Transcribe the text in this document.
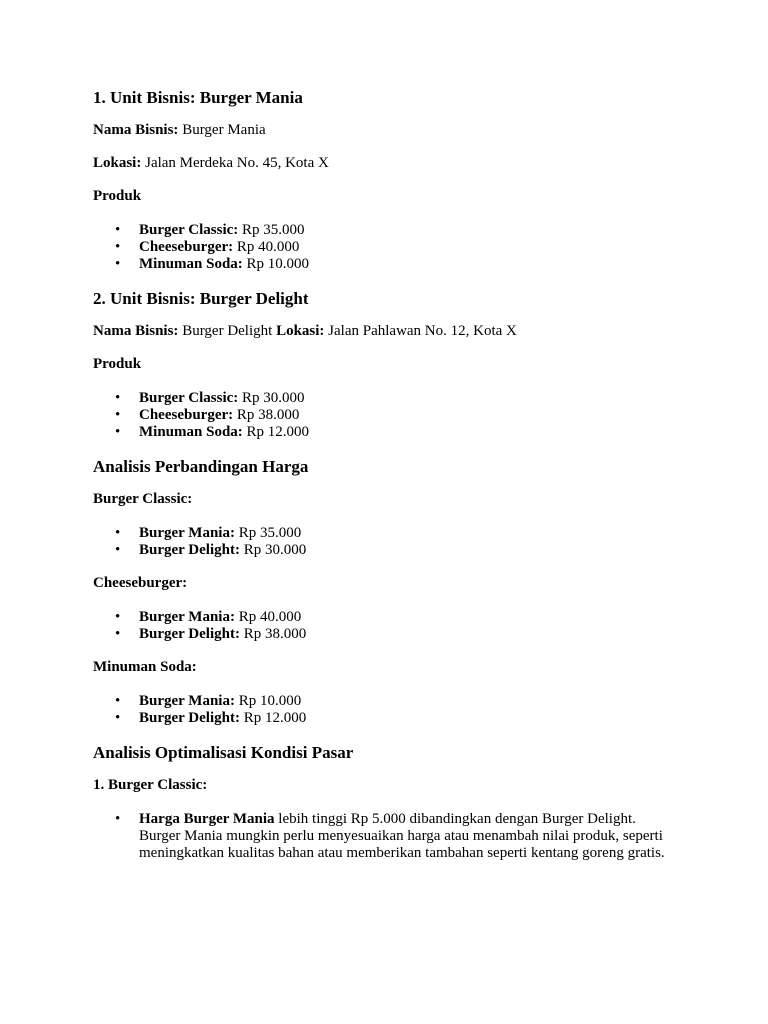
1. Unit Bisnis: Burger Mania

Nama Bisnis: Burger Mania

Lokasi: Jalan Merdeka No. 45, Kota X

Produk
• Burger Classic: Rp 35.000
• Cheeseburger: Rp 40.000
• Minuman Soda: Rp 10.000
2. Unit Bisnis: Burger Delight

Nama Bisnis: Burger Delight Lokasi: Jalan Pahlawan No. 12, Kota X

Produk
• Burger Classic: Rp 30.000
• Cheeseburger: Rp 38.000
• Minuman Soda: Rp 12.000
Analisis Perbandingan Harga
Burger Classic:
• Burger Mania: Rp 35.000
• Burger Delight: Rp 30.000
Cheeseburger:
• Burger Mania: Rp 40.000
• Burger Delight: Rp 38.000
Minuman Soda:
• Burger Mania: Rp 10.000
• Burger Delight: Rp 12.000
Analisis Optimalisasi Kondisi Pasar
1. Burger Classic:
• Harga Burger Mania lebih tinggi Rp 5.000 dibandingkan dengan Burger Delight. Burger Mania mungkin perlu menyesuaikan harga atau menambah nilai produk, seperti meningkatkan kualitas bahan atau memberikan tambahan seperti kentang goreng gratis.
